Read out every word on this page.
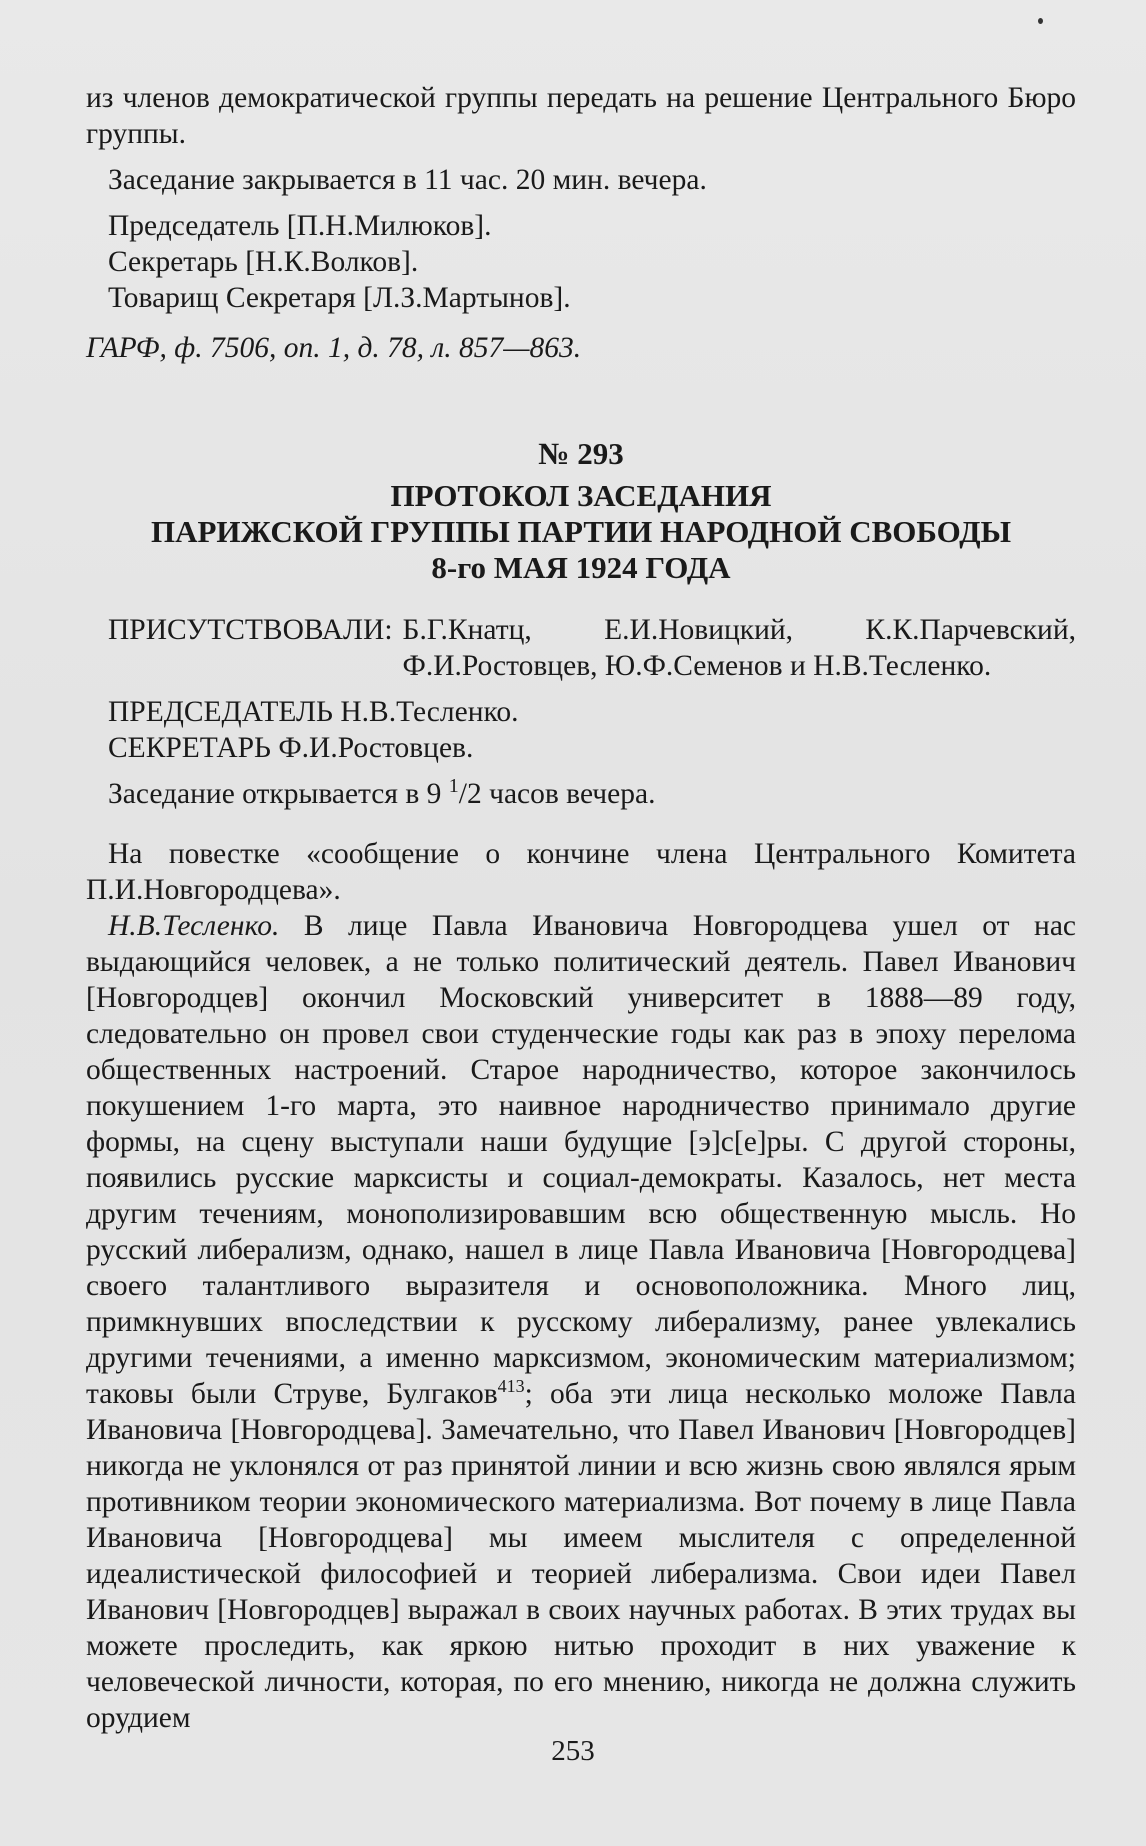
из членов демократической группы передать на решение Центрального Бюро группы.

Заседание закрывается в 11 час. 20 мин. вечера.

Председатель [П.Н.Милюков].

Секретарь [Н.К.Волков].

Товарищ Секретаря [Л.З.Мартынов].

ГАРФ, ф. 7506, оп. 1, д. 78, л. 857—863.

№ 293
ПРОТОКОЛ ЗАСЕДАНИЯ
ПАРИЖСКОЙ ГРУППЫ ПАРТИИ НАРОДНОЙ СВОБОДЫ
8-го МАЯ 1924 ГОДА
ПРИСУТСТВОВАЛИ: Б.Г.Кнатц, Е.И.Новицкий, К.К.Парчевский, Ф.И.Ростовцев, Ю.Ф.Семенов и Н.В.Тесленко.

ПРЕДСЕДАТЕЛЬ Н.В.Тесленко.

СЕКРЕТАРЬ Ф.И.Ростовцев.

Заседание открывается в 9 $^1$/2 часов вечера.

На повестке «сообщение о кончине члена Центрального Комитета П.И.Новгородцева».

Н.В.Тесленко. В лице Павла Ивановича Новгородцева ушел от нас выдающийся человек, а не только политический деятель. Павел Иванович [Новгородцев] окончил Московский университет в 1888—89 году, следовательно он провел свои студенческие годы как раз в эпоху перелома общественных настроений. Старое народничество, которое закончилось покушением 1-го марта, это наивное народничество принимало другие формы, на сцену выступали наши будущие [э]с[е]ры. С другой стороны, появились русские марксисты и социал-демократы. Казалось, нет места другим течениям, монополизировавшим всю общественную мысль. Но русский либерализм, однако, нашел в лице Павла Ивановича [Новгородцева] своего талантливого выразителя и основоположника. Много лиц, примкнувших впоследствии к русскому либерализму, ранее увлекались другими течениями, а именно марксизмом, экономическим материализмом; таковы были Струве, Булгаков$^{413}$; оба эти лица несколько моложе Павла Ивановича [Новгородцева]. Замечательно, что Павел Иванович [Новгородцев] никогда не уклонялся от раз принятой линии и всю жизнь свою являлся ярым противником теории экономического материализма. Вот почему в лице Павла Ивановича [Новгородцева] мы имеем мыслителя с определенной идеалистической философией и теорией либерализма. Свои идеи Павел Иванович [Новгородцев] выражал в своих научных работах. В этих трудах вы можете проследить, как яркою нитью проходит в них уважение к человеческой личности, которая, по его мнению, никогда не должна служить орудием

253
